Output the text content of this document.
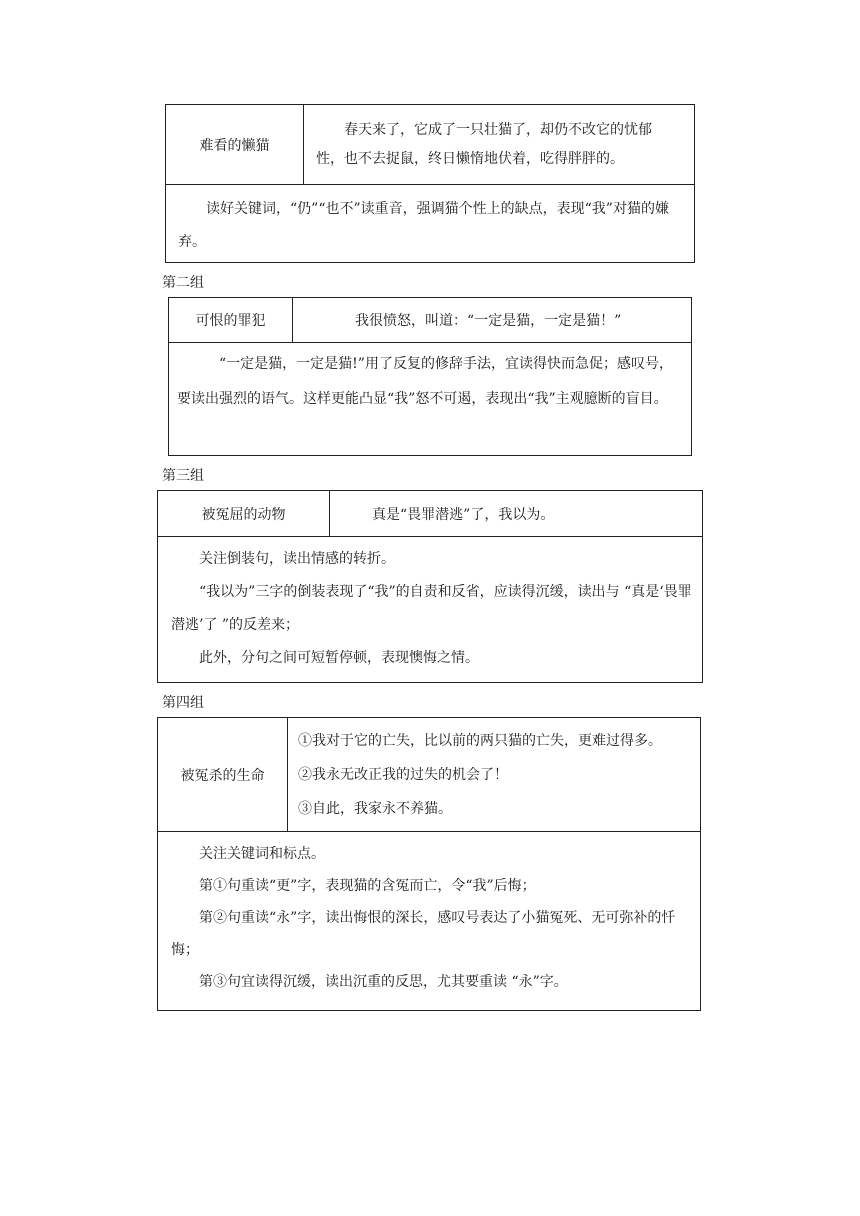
难看的懒猫

春天来了，它成了一只壮猫了，却仍不改它的忧郁性，也不去捉鼠，终日懒惰地伏着，吃得胖胖的。

读好关键词，“仍”“也不”读重音，强调猫个性上的缺点，表现“我”对猫的嫌弃。

第二组
可恨的罪犯	我很愤怒，叫道：“一定是猫，一定是猫！”

“一定是猫，一定是猫!”用了反复的修辞手法，宜读得快而急促；感叹号，要读出强烈的语气。这样更能凸显“我”怒不可遏，表现出“我”主观臆断的盲目。

第三组
被冤屈的动物	真是“畏罪潜逃”了，我以为。

关注倒装句，读出情感的转折。

“我以为”三字的倒装表现了“我”的自责和反省，应读得沉缓，读出与 “真是‘畏罪潜逃’了 ”的反差来；

此外，分句之间可短暂停顿，表现懊悔之情。

第四组
被冤杀的生命

①我对于它的亡失，比以前的两只猫的亡失，更难过得多。

②我永无改正我的过失的机会了！

③自此，我家永不养猫。

关注关键词和标点。

第①句重读“更”字，表现猫的含冤而亡，令“我”后悔；

第②句重读“永”字，读出悔恨的深长，感叹号表达了小猫冤死、无可弥补的忏悔；

第③句宜读得沉缓，读出沉重的反思，尤其要重读 “永”字。
